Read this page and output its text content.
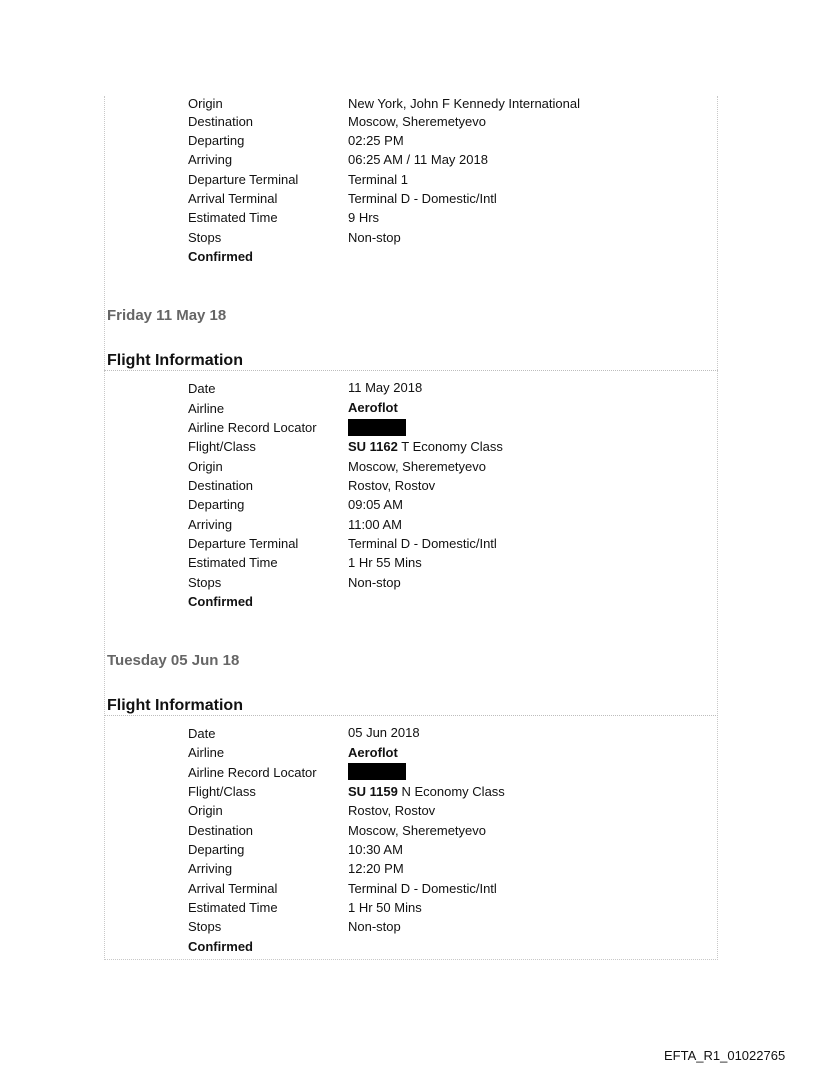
Origin	New York, John F Kennedy International
Destination	Moscow, Sheremetyevo
Departing	02:25 PM
Arriving	06:25 AM / 11 May 2018
Departure Terminal	Terminal 1
Arrival Terminal	Terminal D - Domestic/Intl
Estimated Time	9 Hrs
Stops	Non-stop
Confirmed
Friday 11 May 18
Flight Information
Date	11 May 2018
Airline	Aeroflot
Airline Record Locator
Flight/Class	SU 1162 T Economy Class
Origin	Moscow, Sheremetyevo
Destination	Rostov, Rostov
Departing	09:05 AM
Arriving	11:00 AM
Departure Terminal	Terminal D - Domestic/Intl
Estimated Time	1 Hr 55 Mins
Stops	Non-stop
Confirmed
Tuesday 05 Jun 18
Flight Information
Date	05 Jun 2018
Airline	Aeroflot
Airline Record Locator
Flight/Class	SU 1159 N Economy Class
Origin	Rostov, Rostov
Destination	Moscow, Sheremetyevo
Departing	10:30 AM
Arriving	12:20 PM
Arrival Terminal	Terminal D - Domestic/Intl
Estimated Time	1 Hr 50 Mins
Stops	Non-stop
Confirmed
EFTA_R1_01022765
